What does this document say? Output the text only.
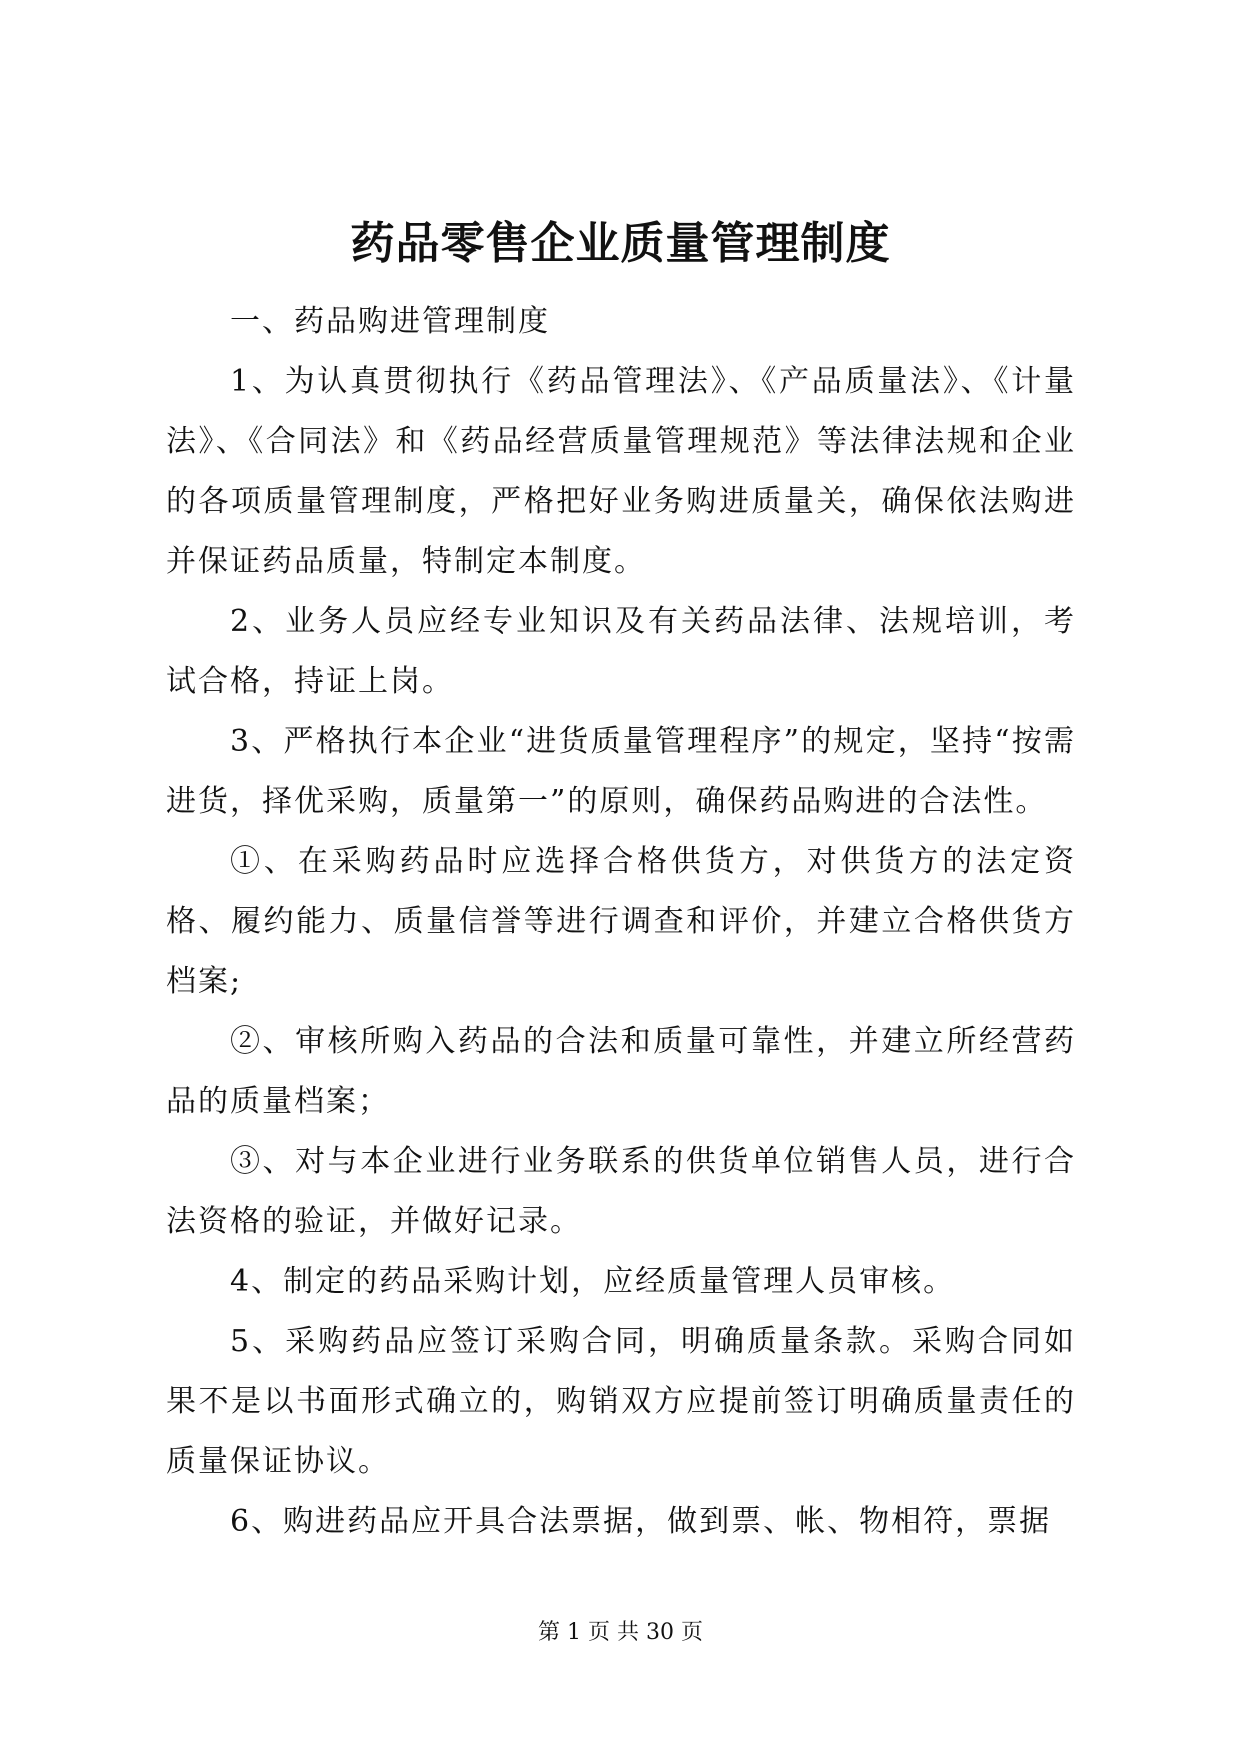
药品零售企业质量管理制度

一、药品购进管理制度

1、为认真贯彻执行《药品管理法》、《产品质量法》、《计量法》、《合同法》和《药品经营质量管理规范》等法律法规和企业的各项质量管理制度，严格把好业务购进质量关，确保依法购进并保证药品质量，特制定本制度。

2、业务人员应经专业知识及有关药品法律、法规培训，考试合格，持证上岗。

3、严格执行本企业“进货质量管理程序”的规定，坚持“按需进货，择优采购，质量第一”的原则，确保药品购进的合法性。

①、在采购药品时应选择合格供货方，对供货方的法定资格、履约能力、质量信誉等进行调查和评价，并建立合格供货方档案;

②、审核所购入药品的合法和质量可靠性，并建立所经营药品的质量档案；

③、对与本企业进行业务联系的供货单位销售人员，进行合法资格的验证，并做好记录。

4、制定的药品采购计划，应经质量管理人员审核。

5、采购药品应签订采购合同，明确质量条款。采购合同如果不是以书面形式确立的，购销双方应提前签订明确质量责任的质量保证协议。

6、购进药品应开具合法票据，做到票、帐、物相符，票据

第 1 页 共 30 页
